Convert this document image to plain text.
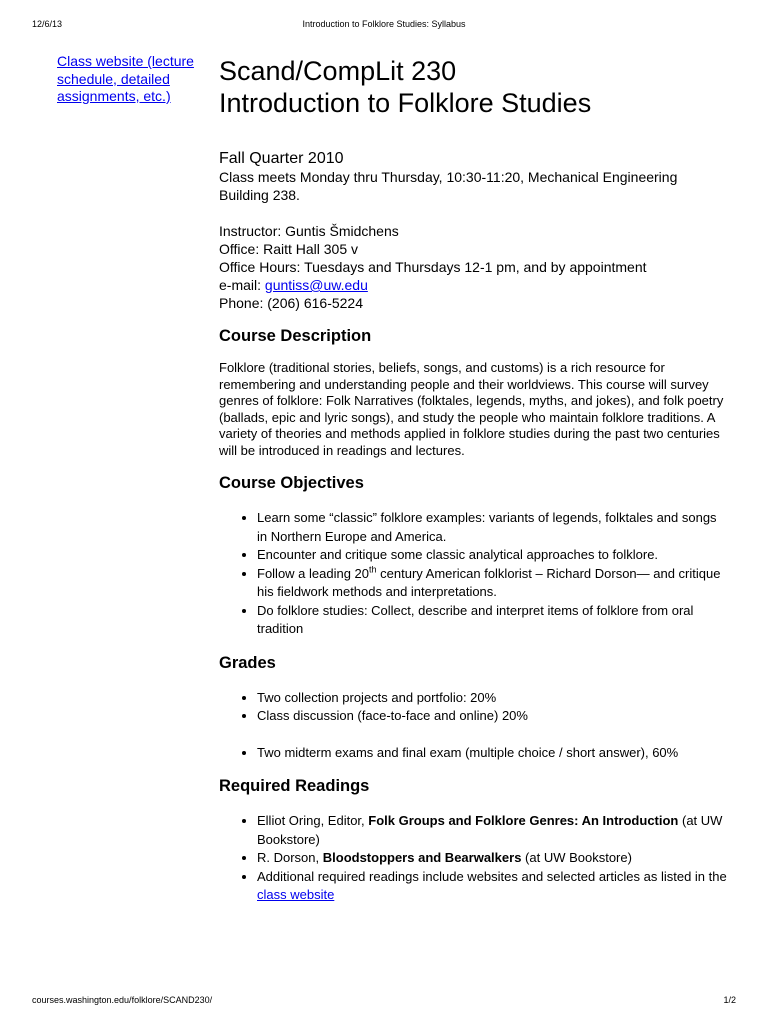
12/6/13	Introduction to Folklore Studies: Syllabus
Class website (lecture schedule, detailed assignments, etc.)
Scand/CompLit 230
Introduction to Folklore Studies
Fall Quarter 2010

Class meets Monday thru Thursday, 10:30-11:20, Mechanical Engineering Building 238.

Instructor: Guntis Šmidchens

Office: Raitt Hall 305 v

Office Hours: Tuesdays and Thursdays 12-1 pm, and by appointment

e-mail: guntiss@uw.edu

Phone: (206) 616-5224

Course Description

Folklore (traditional stories, beliefs, songs, and customs) is a rich resource for remembering and understanding people and their worldviews. This course will survey genres of folklore: Folk Narratives (folktales, legends, myths, and jokes), and folk poetry (ballads, epic and lyric songs), and study the people who maintain folklore traditions. A variety of theories and methods applied in folklore studies during the past two centuries will be introduced in readings and lectures.

Course Objectives
• Learn some “classic” folklore examples: variants of legends, folktales and songs in Northern Europe and America.
• Encounter and critique some classic analytical approaches to folklore.
• Follow a leading 20th century American folklorist – Richard Dorson— and critique his fieldwork methods and interpretations.
• Do folklore studies: Collect, describe and interpret items of folklore from oral tradition
Grades
• Two collection projects and portfolio: 20%
• Class discussion (face-to-face and online) 20%
• Two midterm exams and final exam (multiple choice / short answer), 60%
Required Readings
• Elliot Oring, Editor, Folk Groups and Folklore Genres: An Introduction (at UW Bookstore)
• R. Dorson, Bloodstoppers and Bearwalkers (at UW Bookstore)
• Additional required readings include websites and selected articles as listed in the class website
courses.washington.edu/folklore/SCAND230/	1/2
